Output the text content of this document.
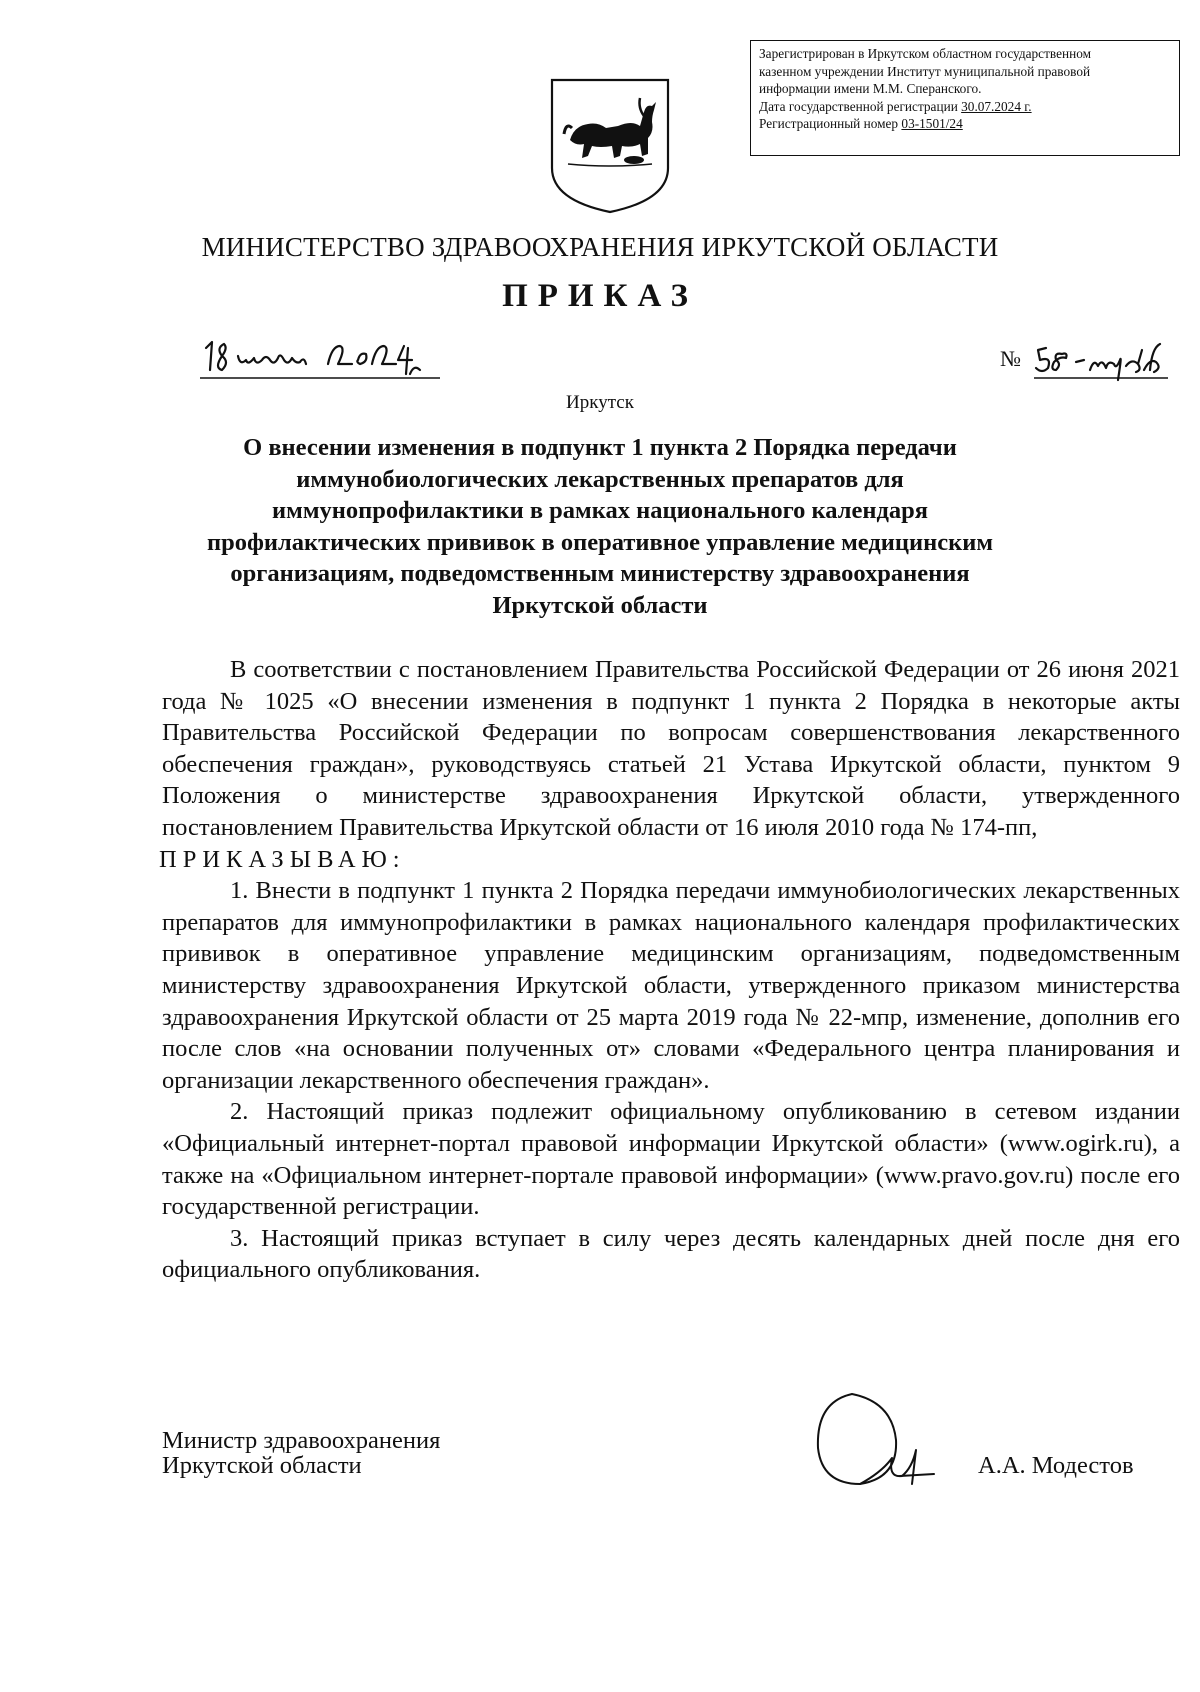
Зарегистрирован в Иркутском областном государственном
казенном учреждении Институт муниципальной правовой
информации имени М.М. Сперанского.
Дата государственной регистрации 30.07.2024 г.
Регистрационный номер 03-1501/24
МИНИСТЕРСТВО ЗДРАВООХРАНЕНИЯ ИРКУТСКОЙ ОБЛАСТИ
ПРИКАЗ
№
Иркутск
О внесении изменения в подпункт 1 пункта 2 Порядка передачи иммунобиологических лекарственных препаратов для иммунопрофилактики в рамках национального календаря профилактических прививок в оперативное управление медицинским организациям, подведомственным министерству здравоохранения Иркутской области

В соответствии с постановлением Правительства Российской Федерации от 26 июня 2021 года № 1025 «О внесении изменения в подпункт 1 пункта 2 Порядка в некоторые акты Правительства Российской Федерации по вопросам совершенствования лекарственного обеспечения граждан», руководствуясь статьей 21 Устава Иркутской области, пунктом 9 Положения о министерстве здравоохранения Иркутской области, утвержденного постановлением Правительства Иркутской области от 16 июля 2010 года № 174-пп,

ПРИКАЗЫВАЮ:

1. Внести в подпункт 1 пункта 2 Порядка передачи иммунобиологических лекарственных препаратов для иммунопрофилактики в рамках национального календаря профилактических прививок в оперативное управление медицинским организациям, подведомственным министерству здравоохранения Иркутской области, утвержденного приказом министерства здравоохранения Иркутской области от 25 марта 2019 года № 22-мпр, изменение, дополнив его после слов «на основании полученных от» словами «Федерального центра планирования и организации лекарственного обеспечения граждан».

2. Настоящий приказ подлежит официальному опубликованию в сетевом издании «Официальный интернет-портал правовой информации Иркутской области» (www.ogirk.ru), а также на «Официальном интернет-портале правовой информации» (www.pravo.gov.ru) после его государственной регистрации.

3. Настоящий приказ вступает в силу через десять календарных дней после дня его официального опубликования.

Министр здравоохранения
Иркутской области	А.А. Модестов
